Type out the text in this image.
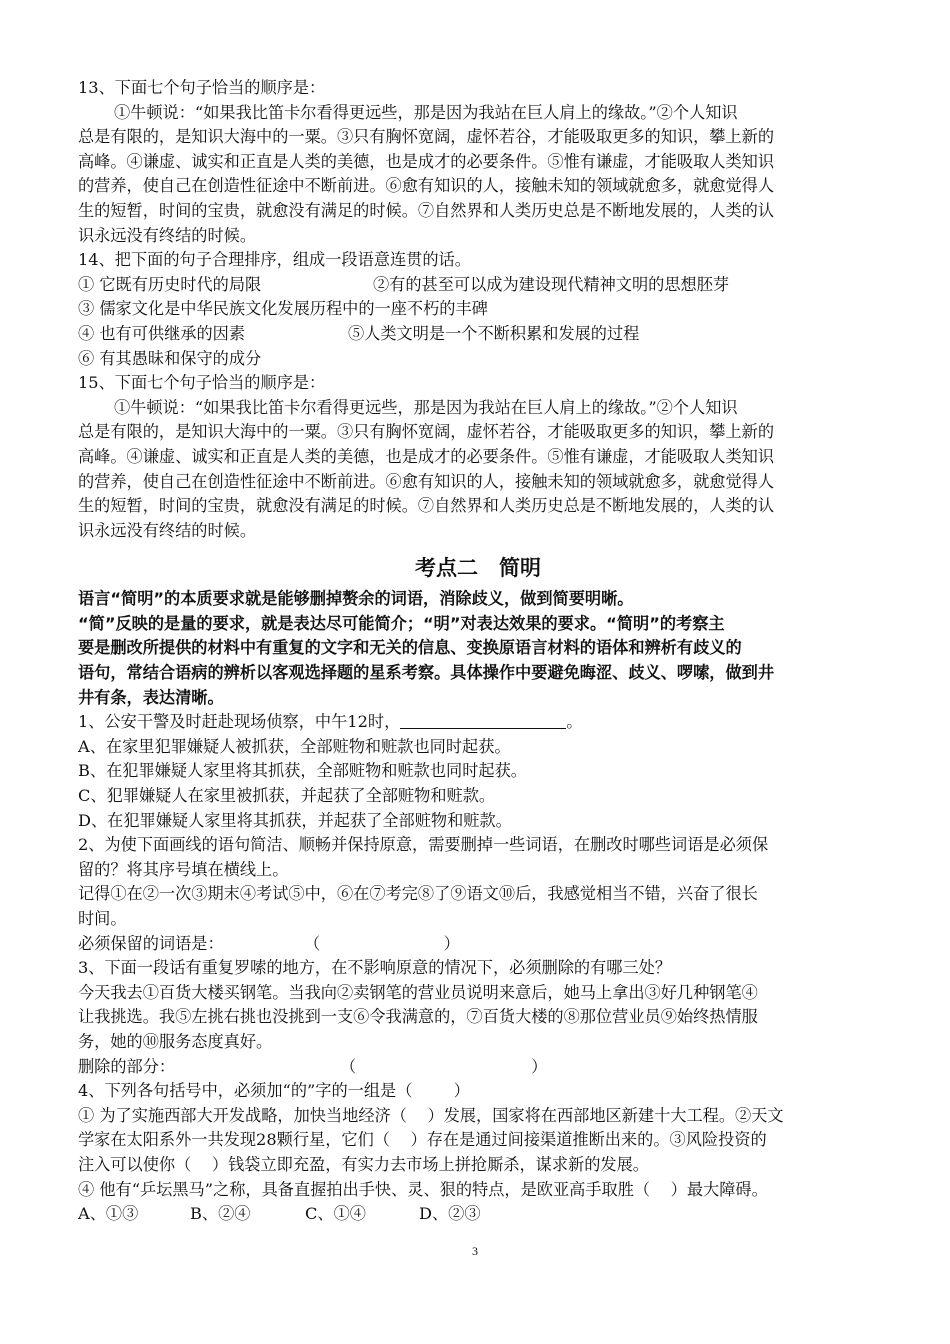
13、下面七个句子恰当的顺序是：
①牛顿说：“如果我比笛卡尔看得更远些，那是因为我站在巨人肩上的缘故。”②个人知识
总是有限的，是知识大海中的一粟。③只有胸怀宽阔，虚怀若谷，才能吸取更多的知识，攀上新的
高峰。④谦虚、诚实和正直是人类的美德，也是成才的必要条件。⑤惟有谦虚，才能吸取人类知识
的营养，使自己在创造性征途中不断前进。⑥愈有知识的人，接触未知的领域就愈多，就愈觉得人
生的短暂，时间的宝贵，就愈没有满足的时候。⑦自然界和人类历史总是不断地发展的，人类的认
识永远没有终结的时候。
14、把下面的句子合理排序，组成一段语意连贯的话。
① 它既有历史时代的局限	②有的甚至可以成为建设现代精神文明的思想胚芽
③ 儒家文化是中华民族文化发展历程中的一座不朽的丰碑
④ 也有可供继承的因素	⑤人类文明是一个不断积累和发展的过程
⑥ 有其愚昧和保守的成分
15、下面七个句子恰当的顺序是：
①牛顿说：“如果我比笛卡尔看得更远些，那是因为我站在巨人肩上的缘故。”②个人知识
总是有限的，是知识大海中的一粟。③只有胸怀宽阔，虚怀若谷，才能吸取更多的知识，攀上新的
高峰。④谦虚、诚实和正直是人类的美德，也是成才的必要条件。⑤惟有谦虚，才能吸取人类知识
的营养，使自己在创造性征途中不断前进。⑥愈有知识的人，接触未知的领域就愈多，就愈觉得人
生的短暂，时间的宝贵，就愈没有满足的时候。⑦自然界和人类历史总是不断地发展的，人类的认
识永远没有终结的时候。
考点二　简明
语言“简明”的本质要求就是能够删掉赘余的词语，消除歧义，做到简要明晰。
“简”反映的是量的要求，就是表达尽可能简介；“明”对表达效果的要求。“简明”的考察主
要是删改所提供的材料中有重复的文字和无关的信息、变换原语言材料的语体和辨析有歧义的
语句，常结合语病的辨析以客观选择题的星系考察。具体操作中要避免晦涩、歧义、啰嗦，做到井
井有条，表达清晰。
1、公安干警及时赶赴现场侦察，中午12时，	。
A、在家里犯罪嫌疑人被抓获，全部赃物和赃款也同时起获。
B、在犯罪嫌疑人家里将其抓获，全部赃物和赃款也同时起获。
C、犯罪嫌疑人在家里被抓获，并起获了全部赃物和赃款。
D、在犯罪嫌疑人家里将其抓获，并起获了全部赃物和赃款。
2、为使下面画线的语句简洁、顺畅并保持原意，需要删掉一些词语，在删改时哪些词语是必须保
留的？将其序号填在横线上。
记得①在②一次③期末④考试⑤中，⑥在⑦考完⑧了⑨语文⑩后，我感觉相当不错，兴奋了很长
时间。
必须保留的词语是：	（                        ）
3、下面一段话有重复罗嗦的地方，在不影响原意的情况下，必须删除的有哪三处？
今天我去①百货大楼买钢笔。当我向②卖钢笔的营业员说明来意后，她马上拿出③好几种钢笔④
让我挑选。我⑤左挑右挑也没挑到一支⑥令我满意的，⑦百货大楼的⑧那位营业员⑨始终热情服
务，她的⑩服务态度真好。
删除的部分：	（                                  ）
4、下列各句括号中，必须加“的”字的一组是（        ）
① 为了实施西部大开发战略，加快当地经济（    ）发展，国家将在西部地区新建十大工程。②天文
学家在太阳系外一共发现28颗行星，它们（    ）存在是通过间接渠道推断出来的。③风险投资的
注入可以使你（    ）钱袋立即充盈，有实力去市场上拼抢厮杀，谋求新的发展。
④ 他有“乒坛黑马”之称，具备直握拍出手快、灵、狠的特点，是欧亚高手取胜（    ）最大障碍。
A、①③	B、②④	C、①④	D、②③
3
